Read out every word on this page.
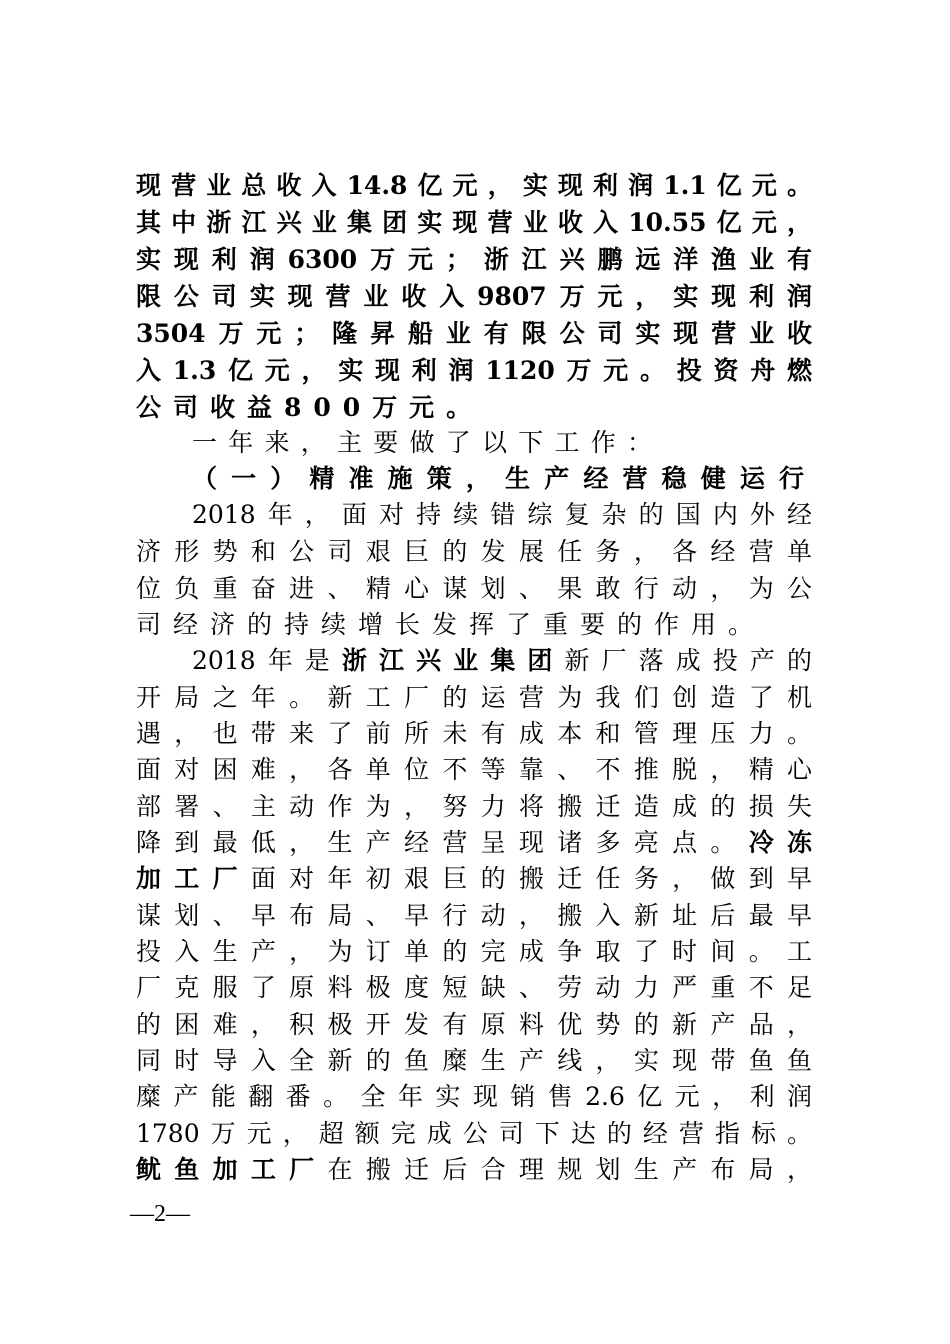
现营业总收入14.8亿元，实现利润1.1亿元。
其中浙江兴业集团实现营业收入10.55亿元，
实现利润6300万元；浙江兴鹏远洋渔业有
限公司实现营业收入9807万元，实现利润
3504万元；隆昇船业有限公司实现营业收
入1.3亿元，实现利润1120万元。投资舟燃
公司收益800万元。
一年来，主要做了以下工作：
（一）精准施策，生产经营稳健运行
2018年，面对持续错综复杂的国内外经
济形势和公司艰巨的发展任务，各经营单
位负重奋进、精心谋划、果敢行动，为公
司经济的持续增长发挥了重要的作用。
2018年是浙江兴业集团新厂落成投产的
开局之年。新工厂的运营为我们创造了机
遇，也带来了前所未有成本和管理压力。
面对困难，各单位不等靠、不推脱，精心
部署、主动作为，努力将搬迁造成的损失
降到最低，生产经营呈现诸多亮点。冷冻
加工厂面对年初艰巨的搬迁任务，做到早
谋划、早布局、早行动，搬入新址后最早
投入生产，为订单的完成争取了时间。工
厂克服了原料极度短缺、劳动力严重不足
的困难，积极开发有原料优势的新产品，
同时导入全新的鱼糜生产线，实现带鱼鱼
糜产能翻番。全年实现销售2.6亿元，利润
1780万元，超额完成公司下达的经营指标。
鱿鱼加工厂在搬迁后合理规划生产布局，
—2—
